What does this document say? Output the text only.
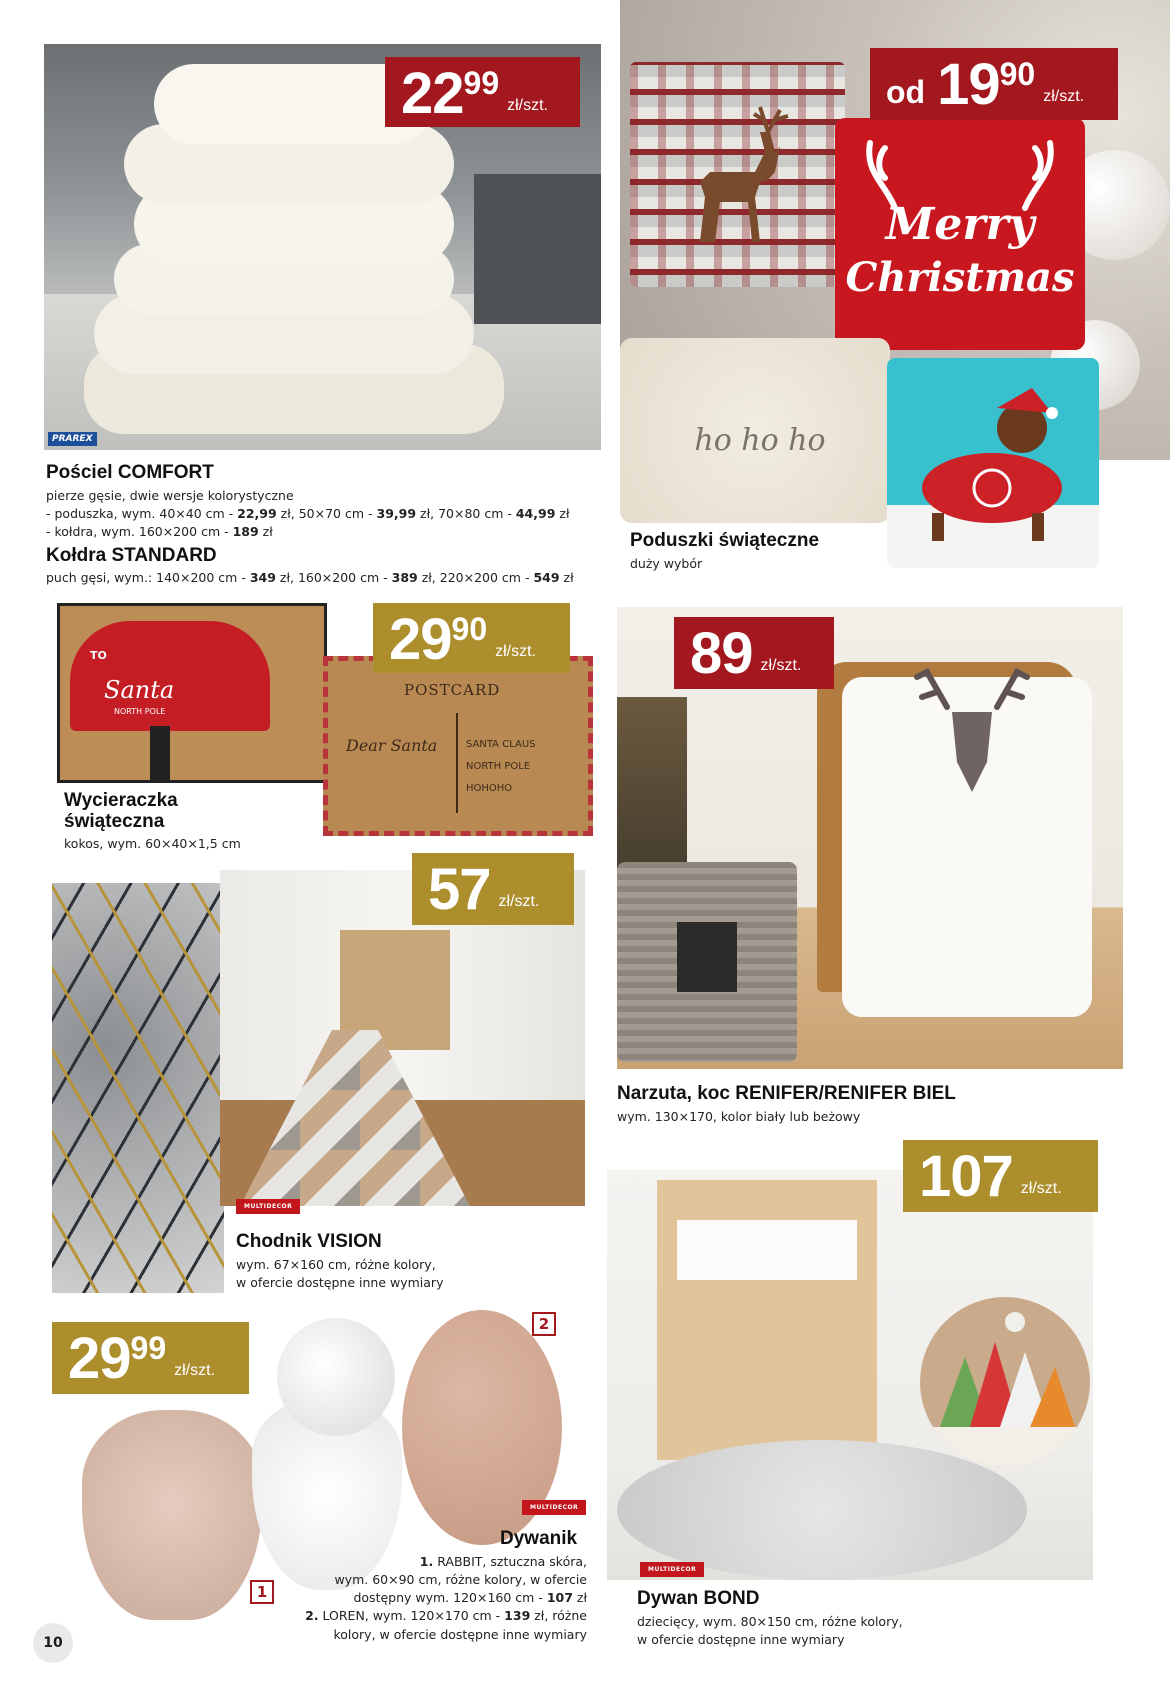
PRAREX
22 99
zł/szt.
Pościel COMFORT
pierze gęsie, dwie wersje kolorystyczne
- poduszka, wym. 40×40 cm - 22,99 zł, 50×70 cm - 39,99 zł, 70×80 cm - 44,99 zł
- kołdra, wym. 160×200 cm - 189 zł
Kołdra STANDARD
puch gęsi, wym.: 140×200 cm - 349 zł, 160×200 cm - 389 zł, 220×200 cm - 549 zł
Merry
Christmas
ho ho ho
od 19 90
zł/szt.
Poduszki świąteczne
duży wybór
TO
Santa
NORTH POLE
POSTCARD
Dear Santa	SANTA CLAUS
NORTH POLE
HOHOHO
29 90
zł/szt.
Wycieraczka
świąteczna
kokos, wym. 60×40×1,5 cm
89 zł/szt.
Narzuta, koc RENIFER/RENIFER BIEL
wym. 130×170, kolor biały lub beżowy
57 zł/szt.
MULTIDECOR
Chodnik VISION
wym. 67×160 cm, różne kolory,
w ofercie dostępne inne wymiary
107 zł/szt.
MULTIDECOR
Dywan BOND
dziecięcy, wym. 80×150 cm, różne kolory,
w ofercie dostępne inne wymiary
29 99
zł/szt.
1
2
MULTIDECOR
Dywanik
1. RABBIT, sztuczna skóra,
wym. 60×90 cm, różne kolory, w ofercie
dostępny wym. 120×160 cm - 107 zł
2. LOREN, wym. 120×170 cm - 139 zł, różne
kolory, w ofercie dostępne inne wymiary
10
